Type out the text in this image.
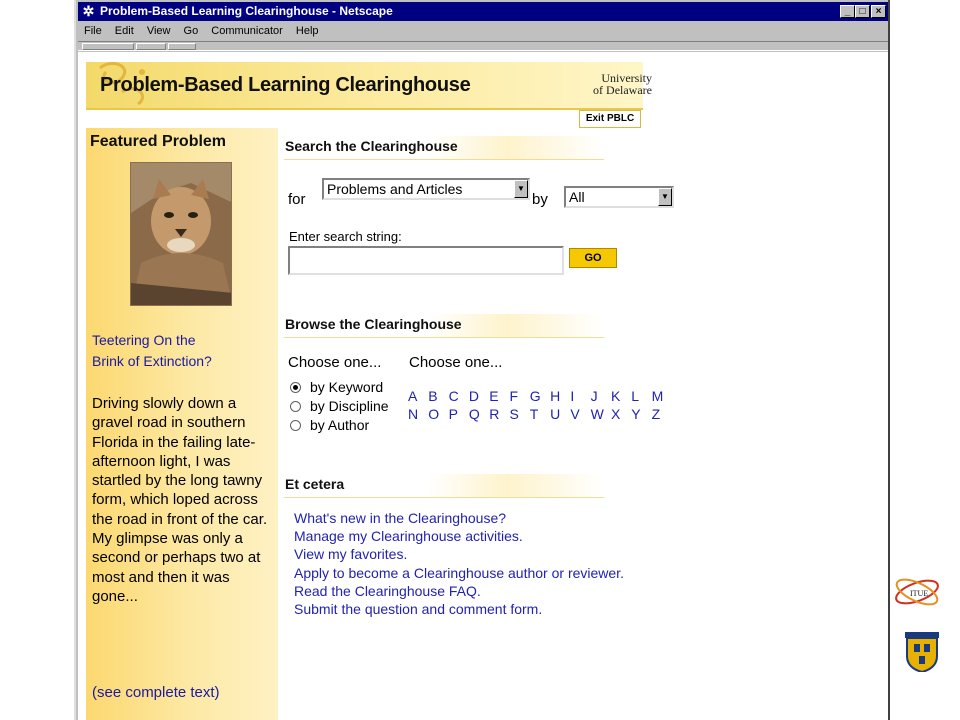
✲ Problem-Based Learning Clearinghouse - Netscape	_ □	×
File Edit View Go Communicator Help
Problem-Based Learning Clearinghouse	University
of Delaware
Exit PBLC
Featured Problem
Teetering On the
Brink of Extinction?
Driving slowly down a gravel road in southern Florida in the failing late-afternoon light, I was startled by the long tawny form, which loped across the road in front of the car. My glimpse was only a second or perhaps two at most and then it was gone...
(see complete text)
Search the Clearinghouse
for
Problems and Articles	▼
by	All	▼
Enter search string:
GO
Browse the Clearinghouse
Choose one... Choose one...
by Keyword
by Discipline
by Author
A B C D E F G H I J K L M
N O P Q R S T U V W X Y Z
Et cetera
What's new in the Clearinghouse?
Manage my Clearinghouse activities.
View my favorites.
Apply to become a Clearinghouse author or reviewer.
Read the Clearinghouse FAQ.
Submit the question and comment form.
ITUE
